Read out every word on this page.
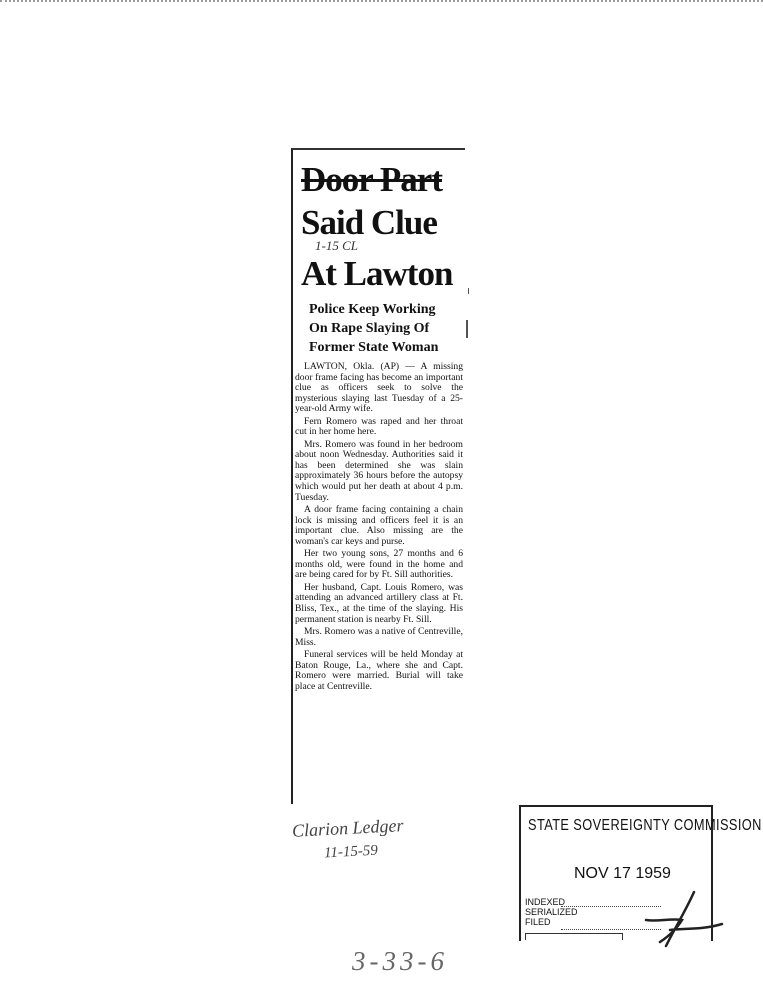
Door Part
Said Clue
At Lawton
1-15 CL
Police Keep Working
On Rape Slaying Of
Former State Woman

LAWTON, Okla. (AP) — A missing door frame facing has become an important clue as officers seek to solve the mysterious slaying last Tuesday of a 25-year-old Army wife.

Fern Romero was raped and her throat cut in her home here.

Mrs. Romero was found in her bedroom about noon Wednesday. Authorities said it has been determined she was slain approximately 36 hours before the autopsy which would put her death at about 4 p.m. Tuesday.

A door frame facing containing a chain lock is missing and officers feel it is an important clue. Also missing are the woman's car keys and purse.

Her two young sons, 27 months and 6 months old, were found in the home and are being cared for by Ft. Sill authorities.

Her husband, Capt. Louis Romero, was attending an advanced artillery class at Ft. Bliss, Tex., at the time of the slaying. His permanent station is nearby Ft. Sill.

Mrs. Romero was a native of Centreville, Miss.

Funeral services will be held Monday at Baton Rouge, La., where she and Capt. Romero were married. Burial will take place at Centreville.

Clarion Ledger
11-15-59
3-33-6
STATE SOVEREIGNTY COMMISSION
NOV 17 1959
INDEXED
SERIALIZED
FILED
